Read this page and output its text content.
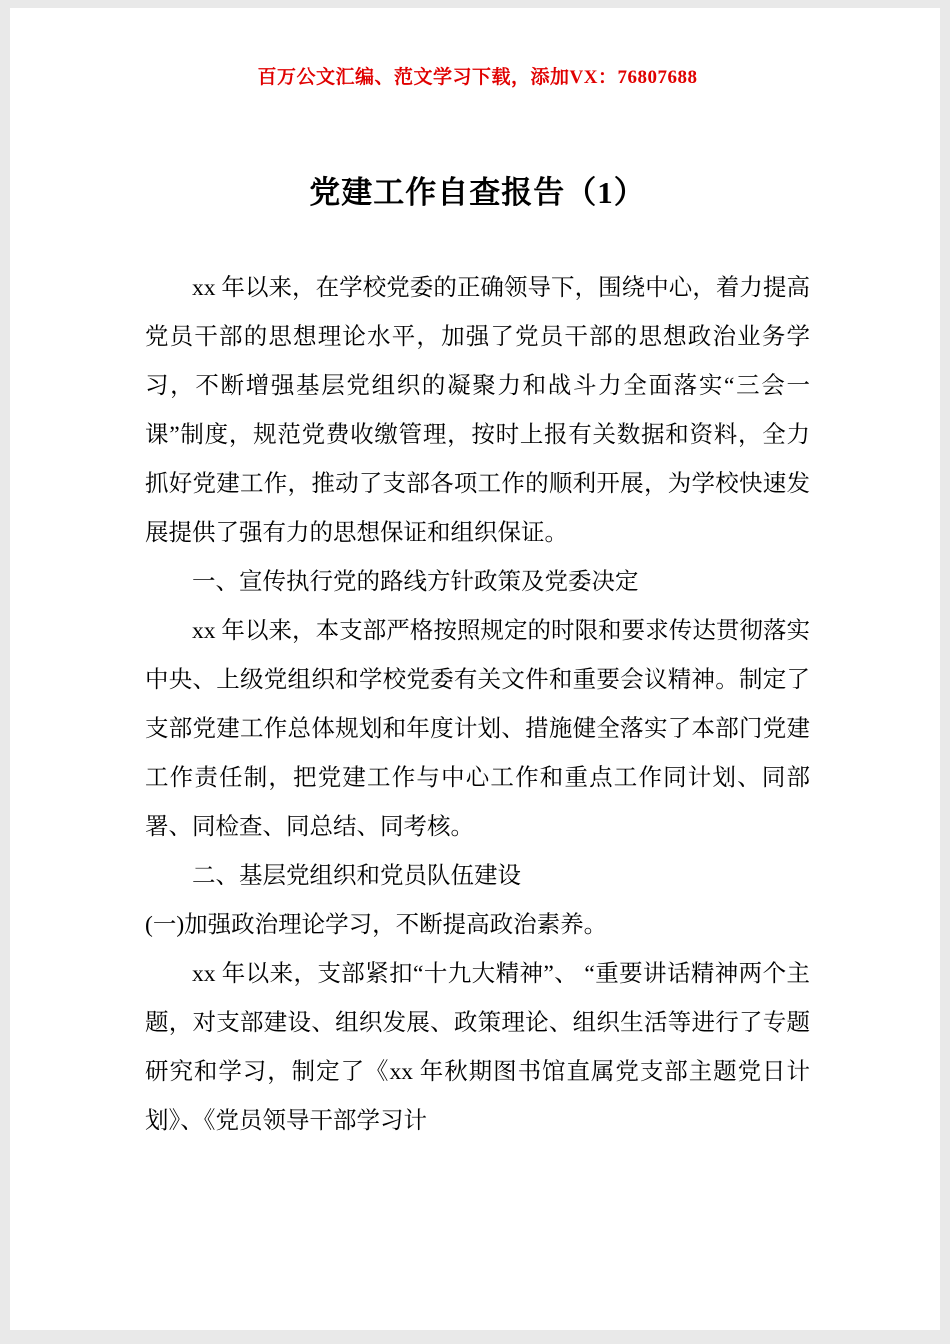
百万公文汇编、范文学习下载，添加VX：76807688
党建工作自查报告（1）

xx 年以来，在学校党委的正确领导下，围绕中心，着力提高党员干部的思想理论水平，加强了党员干部的思想政治业务学习，不断增强基层党组织的凝聚力和战斗力全面落实“三会一课”制度，规范党费收缴管理，按时上报有关数据和资料，全力抓好党建工作，推动了支部各项工作的顺利开展，为学校快速发展提供了强有力的思想保证和组织保证。

一、宣传执行党的路线方针政策及党委决定

xx 年以来，本支部严格按照规定的时限和要求传达贯彻落实中央、上级党组织和学校党委有关文件和重要会议精神。制定了支部党建工作总体规划和年度计划、措施健全落实了本部门党建工作责任制，把党建工作与中心工作和重点工作同计划、同部署、同检查、同总结、同考核。

二、基层党组织和党员队伍建设

(一)加强政治理论学习，不断提高政治素养。

xx 年以来，支部紧扣“十九大精神”、 “重要讲话精神两个主题，对支部建设、组织发展、政策理论、组织生活等进行了专题研究和学习，制定了《xx 年秋期图书馆直属党支部主题党日计划》、《党员领导干部学习计
